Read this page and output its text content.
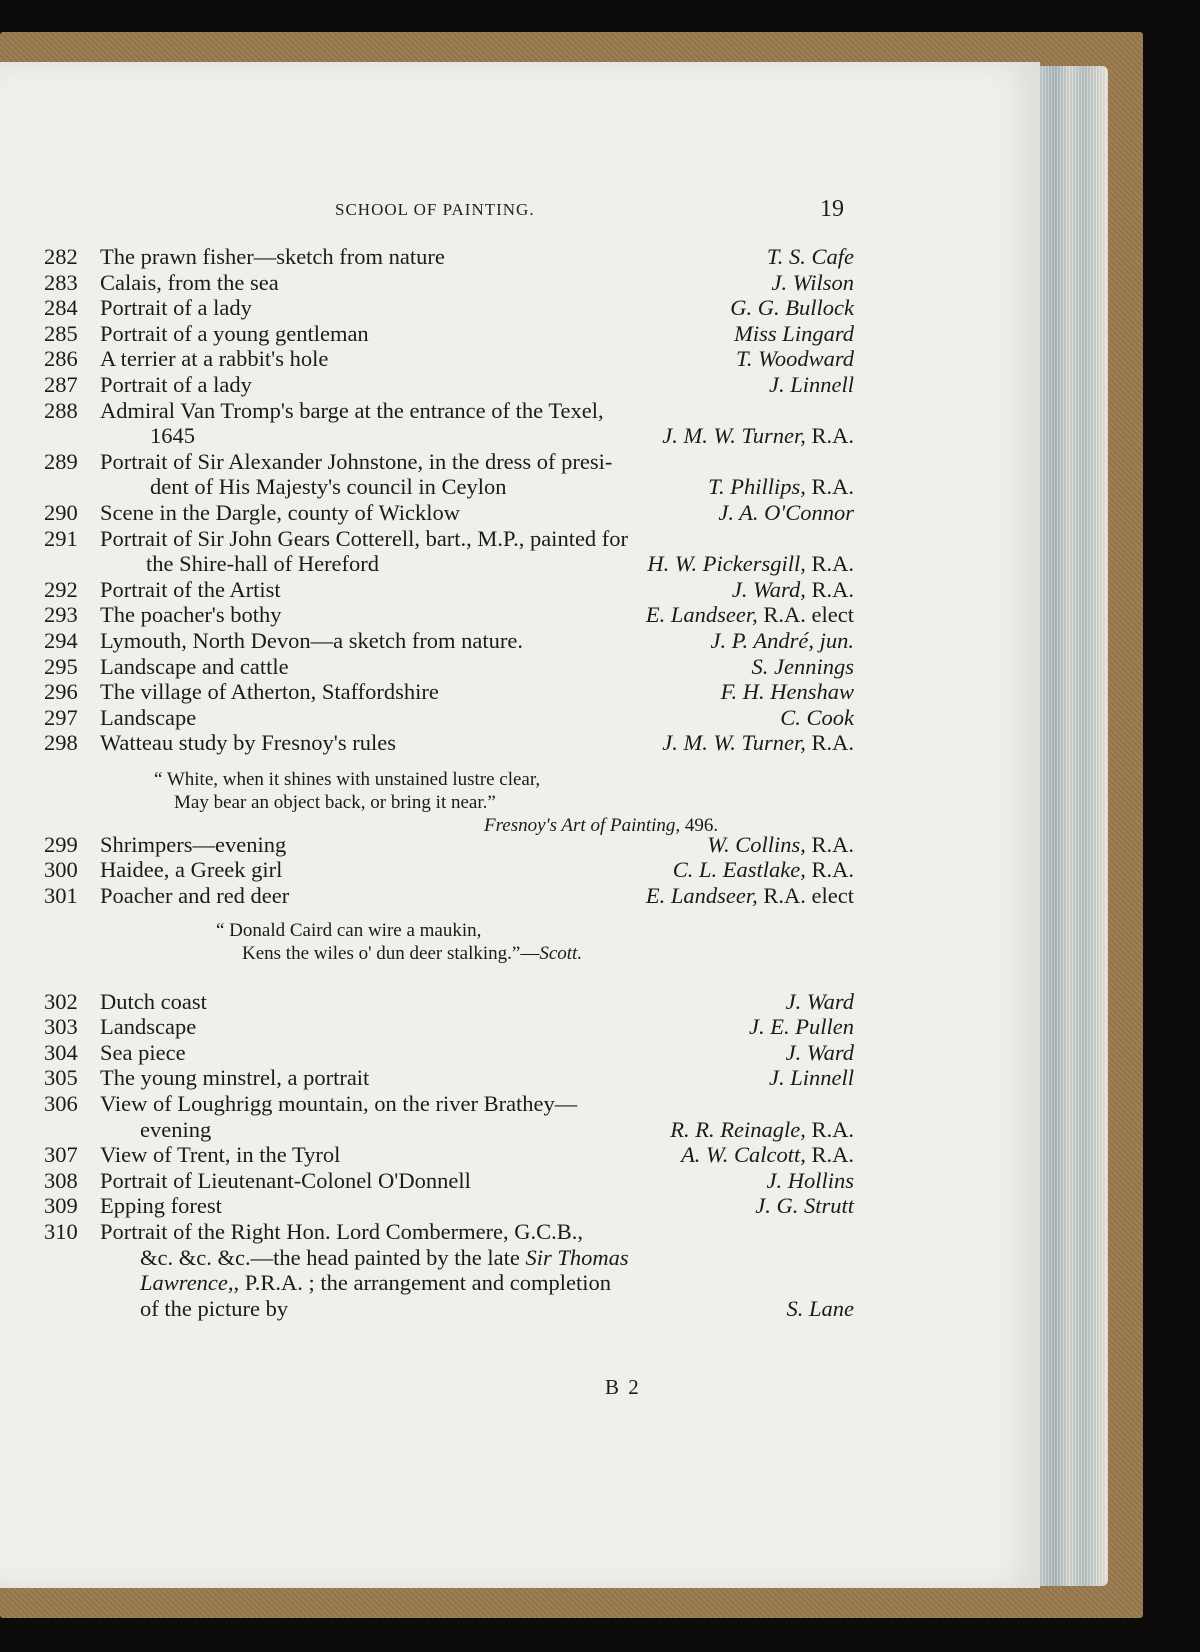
SCHOOL OF PAINTING.	19
282 The prawn fisher—sketch from nature	T. S. Cafe
283 Calais, from the sea	J. Wilson
284 Portrait of a lady	G. G. Bullock
285 Portrait of a young gentleman	Miss Lingard
286 A terrier at a rabbit's hole	T. Woodward
287 Portrait of a lady	J. Linnell
288 Admiral Van Tromp's barge at the entrance of the Texel,
1645	J. M. W. Turner, R.A.
289 Portrait of Sir Alexander Johnstone, in the dress of presi-
dent of His Majesty's council in Ceylon	T. Phillips, R.A.
290 Scene in the Dargle, county of Wicklow	J. A. O'Connor
291 Portrait of Sir John Gears Cotterell, bart., M.P., painted for
the Shire-hall of Hereford	H. W. Pickersgill, R.A.
292 Portrait of the Artist	J. Ward, R.A.
293 The poacher's bothy	E. Landseer, R.A. elect
294 Lymouth, North Devon—a sketch from nature.	J. P. André, jun.
295 Landscape and cattle	S. Jennings
296 The village of Atherton, Staffordshire	F. H. Henshaw
297 Landscape	C. Cook
298 Watteau study by Fresnoy's rules	J. M. W. Turner, R.A.
“ White, when it shines with unstained lustre clear,
May bear an object back, or bring it near.”
Fresnoy's Art of Painting, 496.
299 Shrimpers—evening	W. Collins, R.A.
300 Haidee, a Greek girl	C. L. Eastlake, R.A.
301 Poacher and red deer	E. Landseer, R.A. elect
“ Donald Caird can wire a maukin,
Kens the wiles o' dun deer stalking.”—Scott.
302 Dutch coast	J. Ward
303 Landscape	J. E. Pullen
304 Sea piece	J. Ward
305 The young minstrel, a portrait	J. Linnell
306 View of Loughrigg mountain, on the river Brathey—
evening	R. R. Reinagle, R.A.
307 View of Trent, in the Tyrol	A. W. Calcott, R.A.
308 Portrait of Lieutenant-Colonel O'Donnell	J. Hollins
309 Epping forest	J. G. Strutt
310 Portrait of the Right Hon. Lord Combermere, G.C.B.,
&c. &c. &c.—the head painted by the late Sir Thomas
Lawrence,, P.R.A. ; the arrangement and completion
of the picture by	S. Lane
B 2
